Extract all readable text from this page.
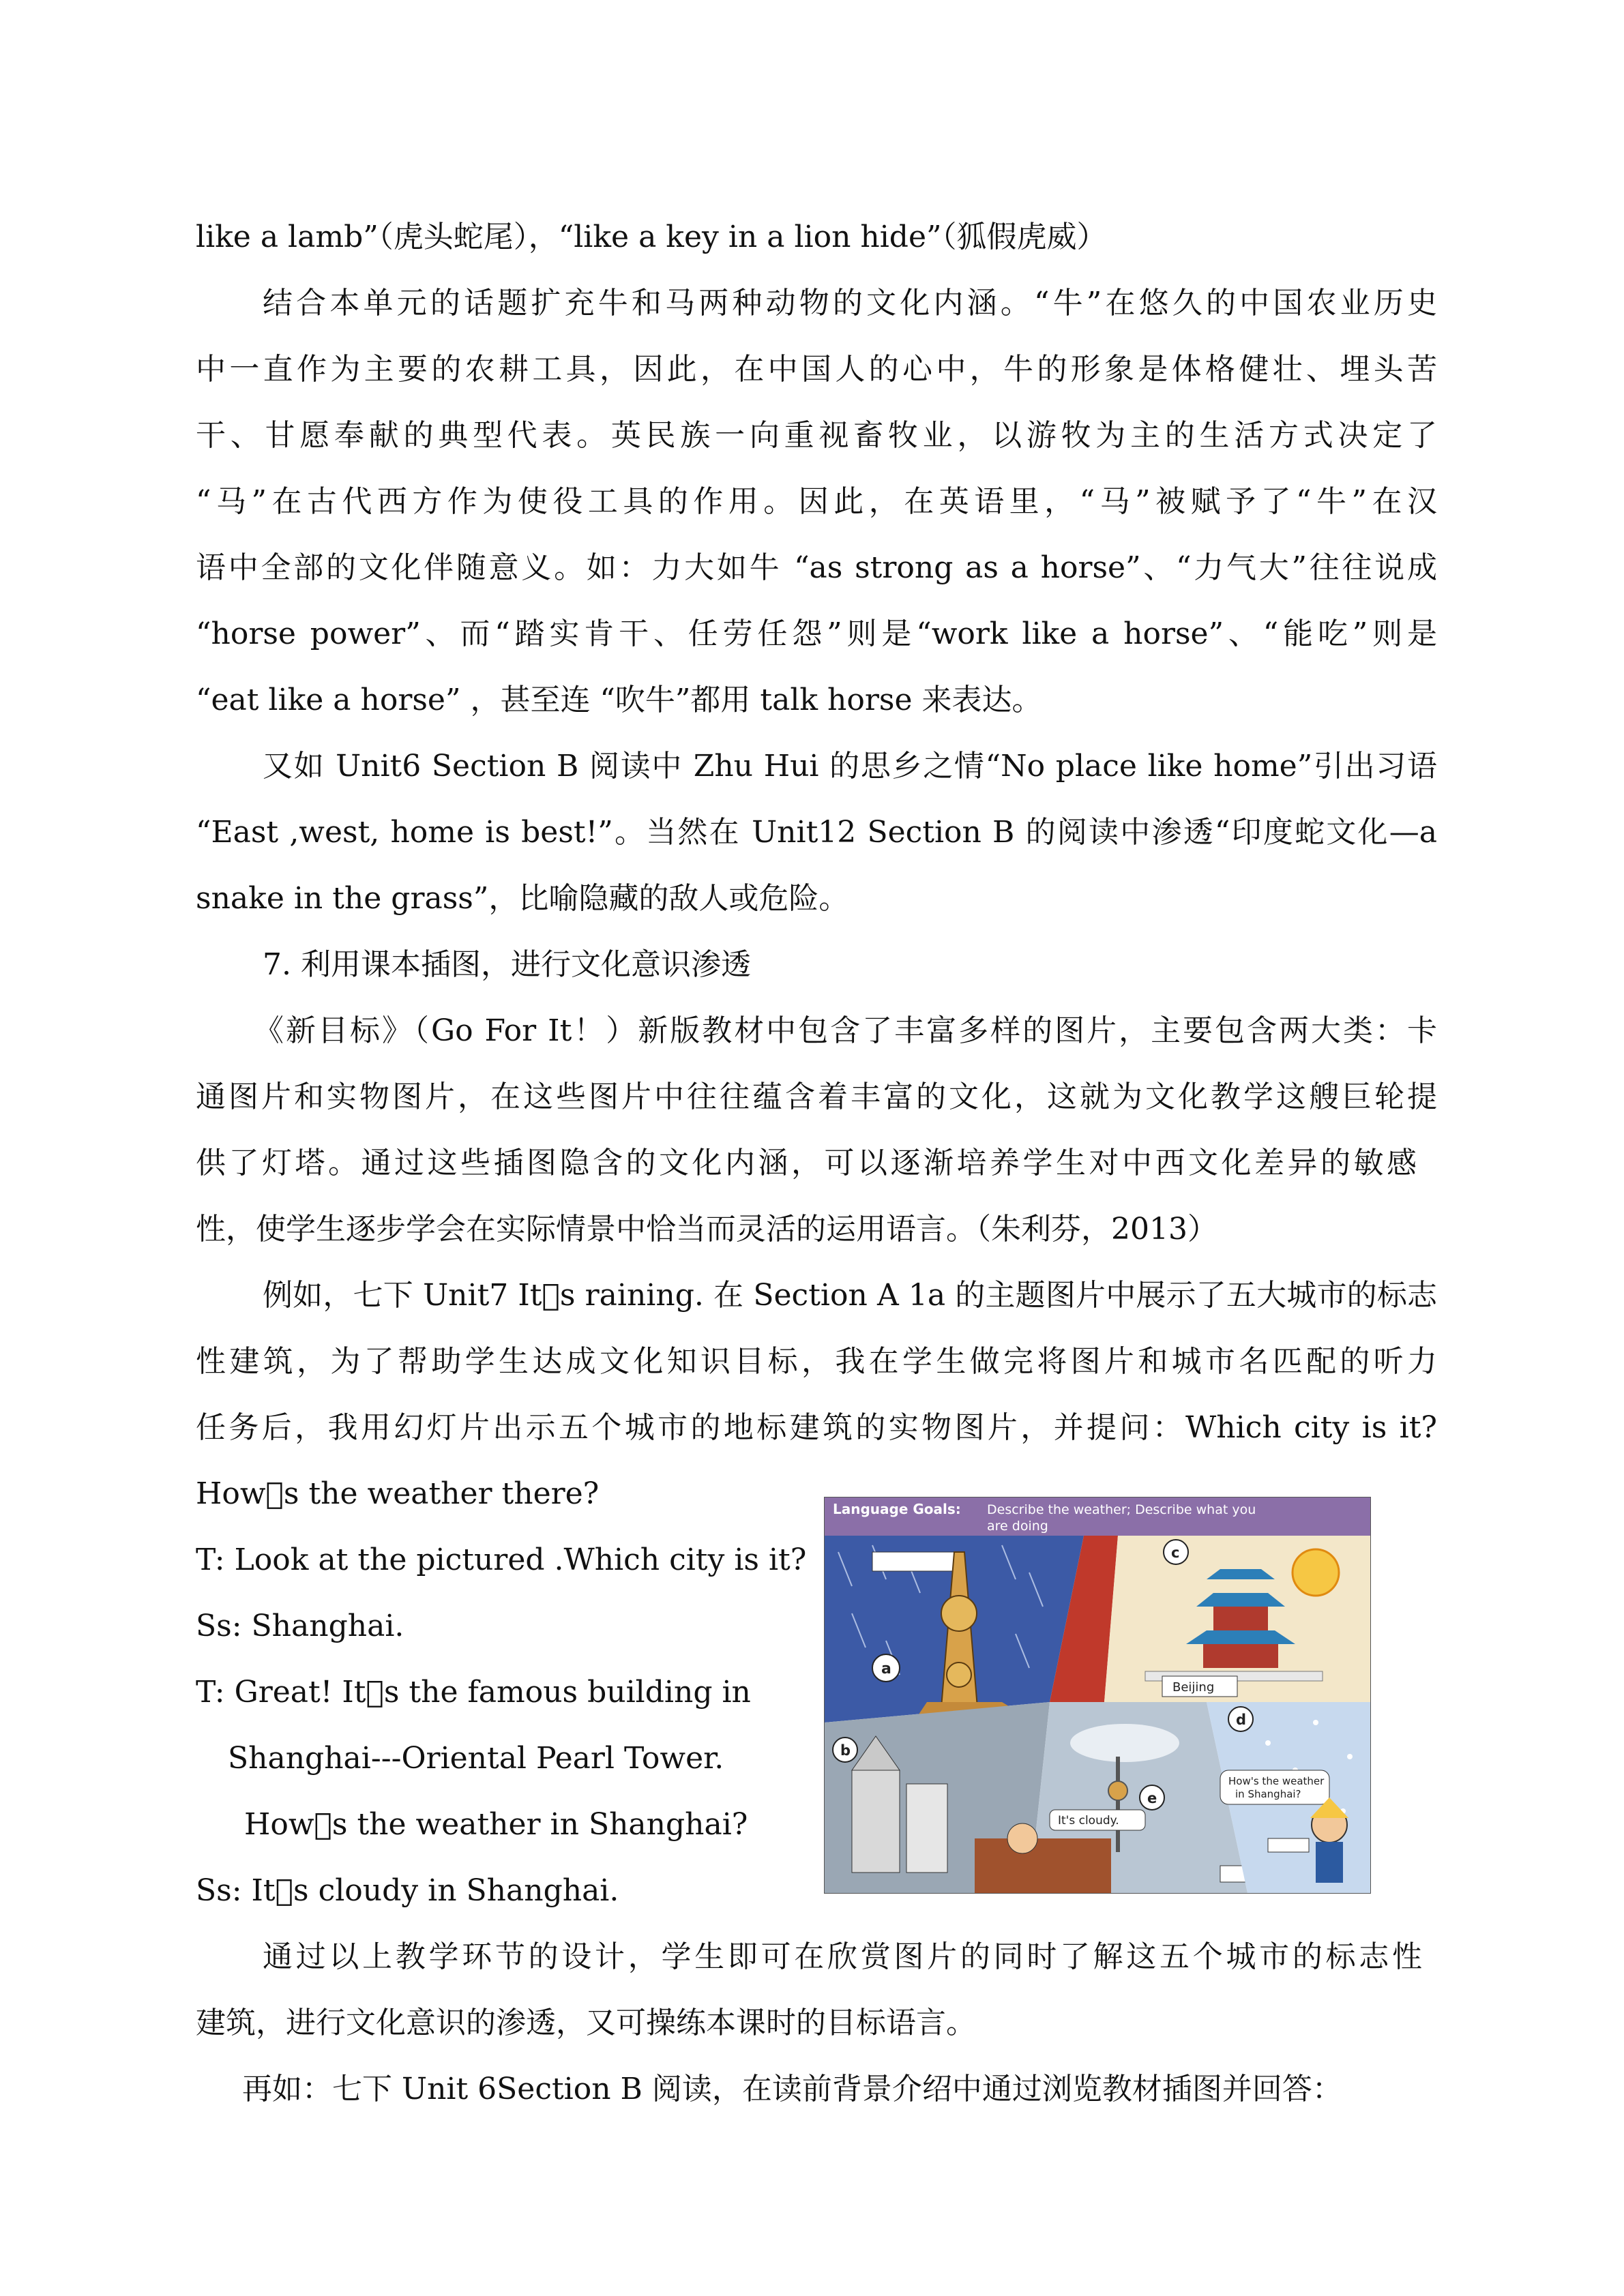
like a lamb”（虎头蛇尾），“like a key in a lion hide”（狐假虎威）
结合本单元的话题扩充牛和马两种动物的文化内涵。“牛”在悠久的中国农业历史
中一直作为主要的农耕工具，因此，在中国人的心中，牛的形象是体格健壮、埋头苦
干、甘愿奉献的典型代表。英民族一向重视畜牧业，以游牧为主的生活方式决定了
“马”在古代西方作为使役工具的作用。因此，在英语里，“马”被赋予了“牛”在汉
语中全部的文化伴随意义。如：力大如牛 “as strong as a horse”、“力气大”往往说成
“horse power”、而“踏实肯干、任劳任怨”则是“work like a horse”、“能吃”则是
“eat like a horse” ，甚至连 “吹牛”都用 talk horse 来表达。
又如 Unit6 Section B 阅读中 Zhu Hui 的思乡之情“No place like home”引出习语
“East ,west, home is best!”。当然在 Unit12 Section B 的阅读中渗透“印度蛇文化—a
snake in the grass”，比喻隐藏的敌人或危险。
7. 利用课本插图，进行文化意识渗透
《新目标》（Go For It！）新版教材中包含了丰富多样的图片，主要包含两大类：卡
通图片和实物图片，在这些图片中往往蕴含着丰富的文化，这就为文化教学这艘巨轮提
供了灯塔。通过这些插图隐含的文化内涵，可以逐渐培养学生对中西文化差异的敏感
性，使学生逐步学会在实际情景中恰当而灵活的运用语言。（朱利芬，2013）
例如，七下 Unit7 It s raining. 在 Section A 1a 的主题图片中展示了五大城市的标志
性建筑，为了帮助学生达成文化知识目标，我在学生做完将图片和城市名匹配的听力
任务后，我用幻灯片出示五个城市的地标建筑的实物图片，并提问：Which city is it?
How s the weather there?
T: Look at the pictured .Which city is it?
Ss: Shanghai.
T: Great! It s the famous building in
Shanghai---Oriental Pearl Tower.
How s the weather in Shanghai?
Ss: It s cloudy in Shanghai.
通过以上教学环节的设计，学生即可在欣赏图片的同时了解这五个城市的标志性
建筑，进行文化意识的渗透，又可操练本课时的目标语言。
再如：七下 Unit 6Section B 阅读，在读前背景介绍中通过浏览教材插图并回答：
Language Goals: Describe the weather; Describe what you
are doing
a
Beijing
c
b
It's cloudy.
e
d
How's the weather
in Shanghai?
